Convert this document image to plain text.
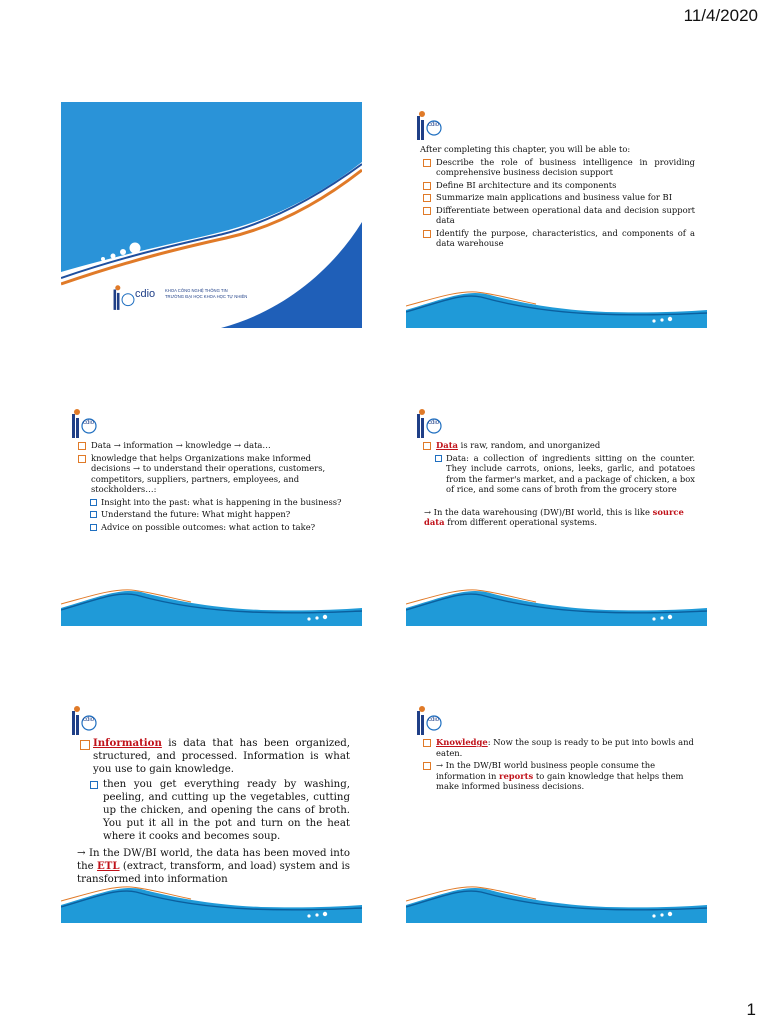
11/4/2020
cdio KHOA CÔNG NGHỆ THÔNG TIN
TRƯỜNG ĐẠI HỌC KHOA HỌC TỰ NHIÊN
cdio

After completing this chapter, you will be able to:

Describe the role of business intelligence in providing comprehensive business decision support
Define BI architecture and its components
Summarize main applications and business value for BI
Differentiate between operational data and decision support data
Identify the purpose, characteristics, and components of a data warehouse
cdio
Data → information → knowledge → data…
knowledge that helps Organizations make informed decisions → to understand their operations, customers, competitors, suppliers, partners, employees, and stockholders…:
Insight into the past: what is happening in the business?
Understand the future: What might happen?
Advice on possible outcomes: what action to take?
cdio
Data is raw, random, and unorganized
Data: a collection of ingredients sitting on the counter. They include carrots, onions, leeks, garlic, and potatoes from the farmer's market, and a package of chicken, a box of rice, and some cans of broth from the grocery store

→ In the data warehousing (DW)/BI world, this is like source data from different operational systems.

cdio
Information is data that has been organized, structured, and processed. Information is what you use to gain knowledge.
then you get everything ready by washing, peeling, and cutting up the vegetables, cutting up the chicken, and opening the cans of broth. You put it all in the pot and turn on the heat where it cooks and becomes soup.

→ In the DW/BI world, the data has been moved into the ETL (extract, transform, and load) system and is transformed into information

cdio
Knowledge: Now the soup is ready to be put into bowls and eaten.
→ In the DW/BI world business people consume the information in reports to gain knowledge that helps them make informed business decisions.
1
